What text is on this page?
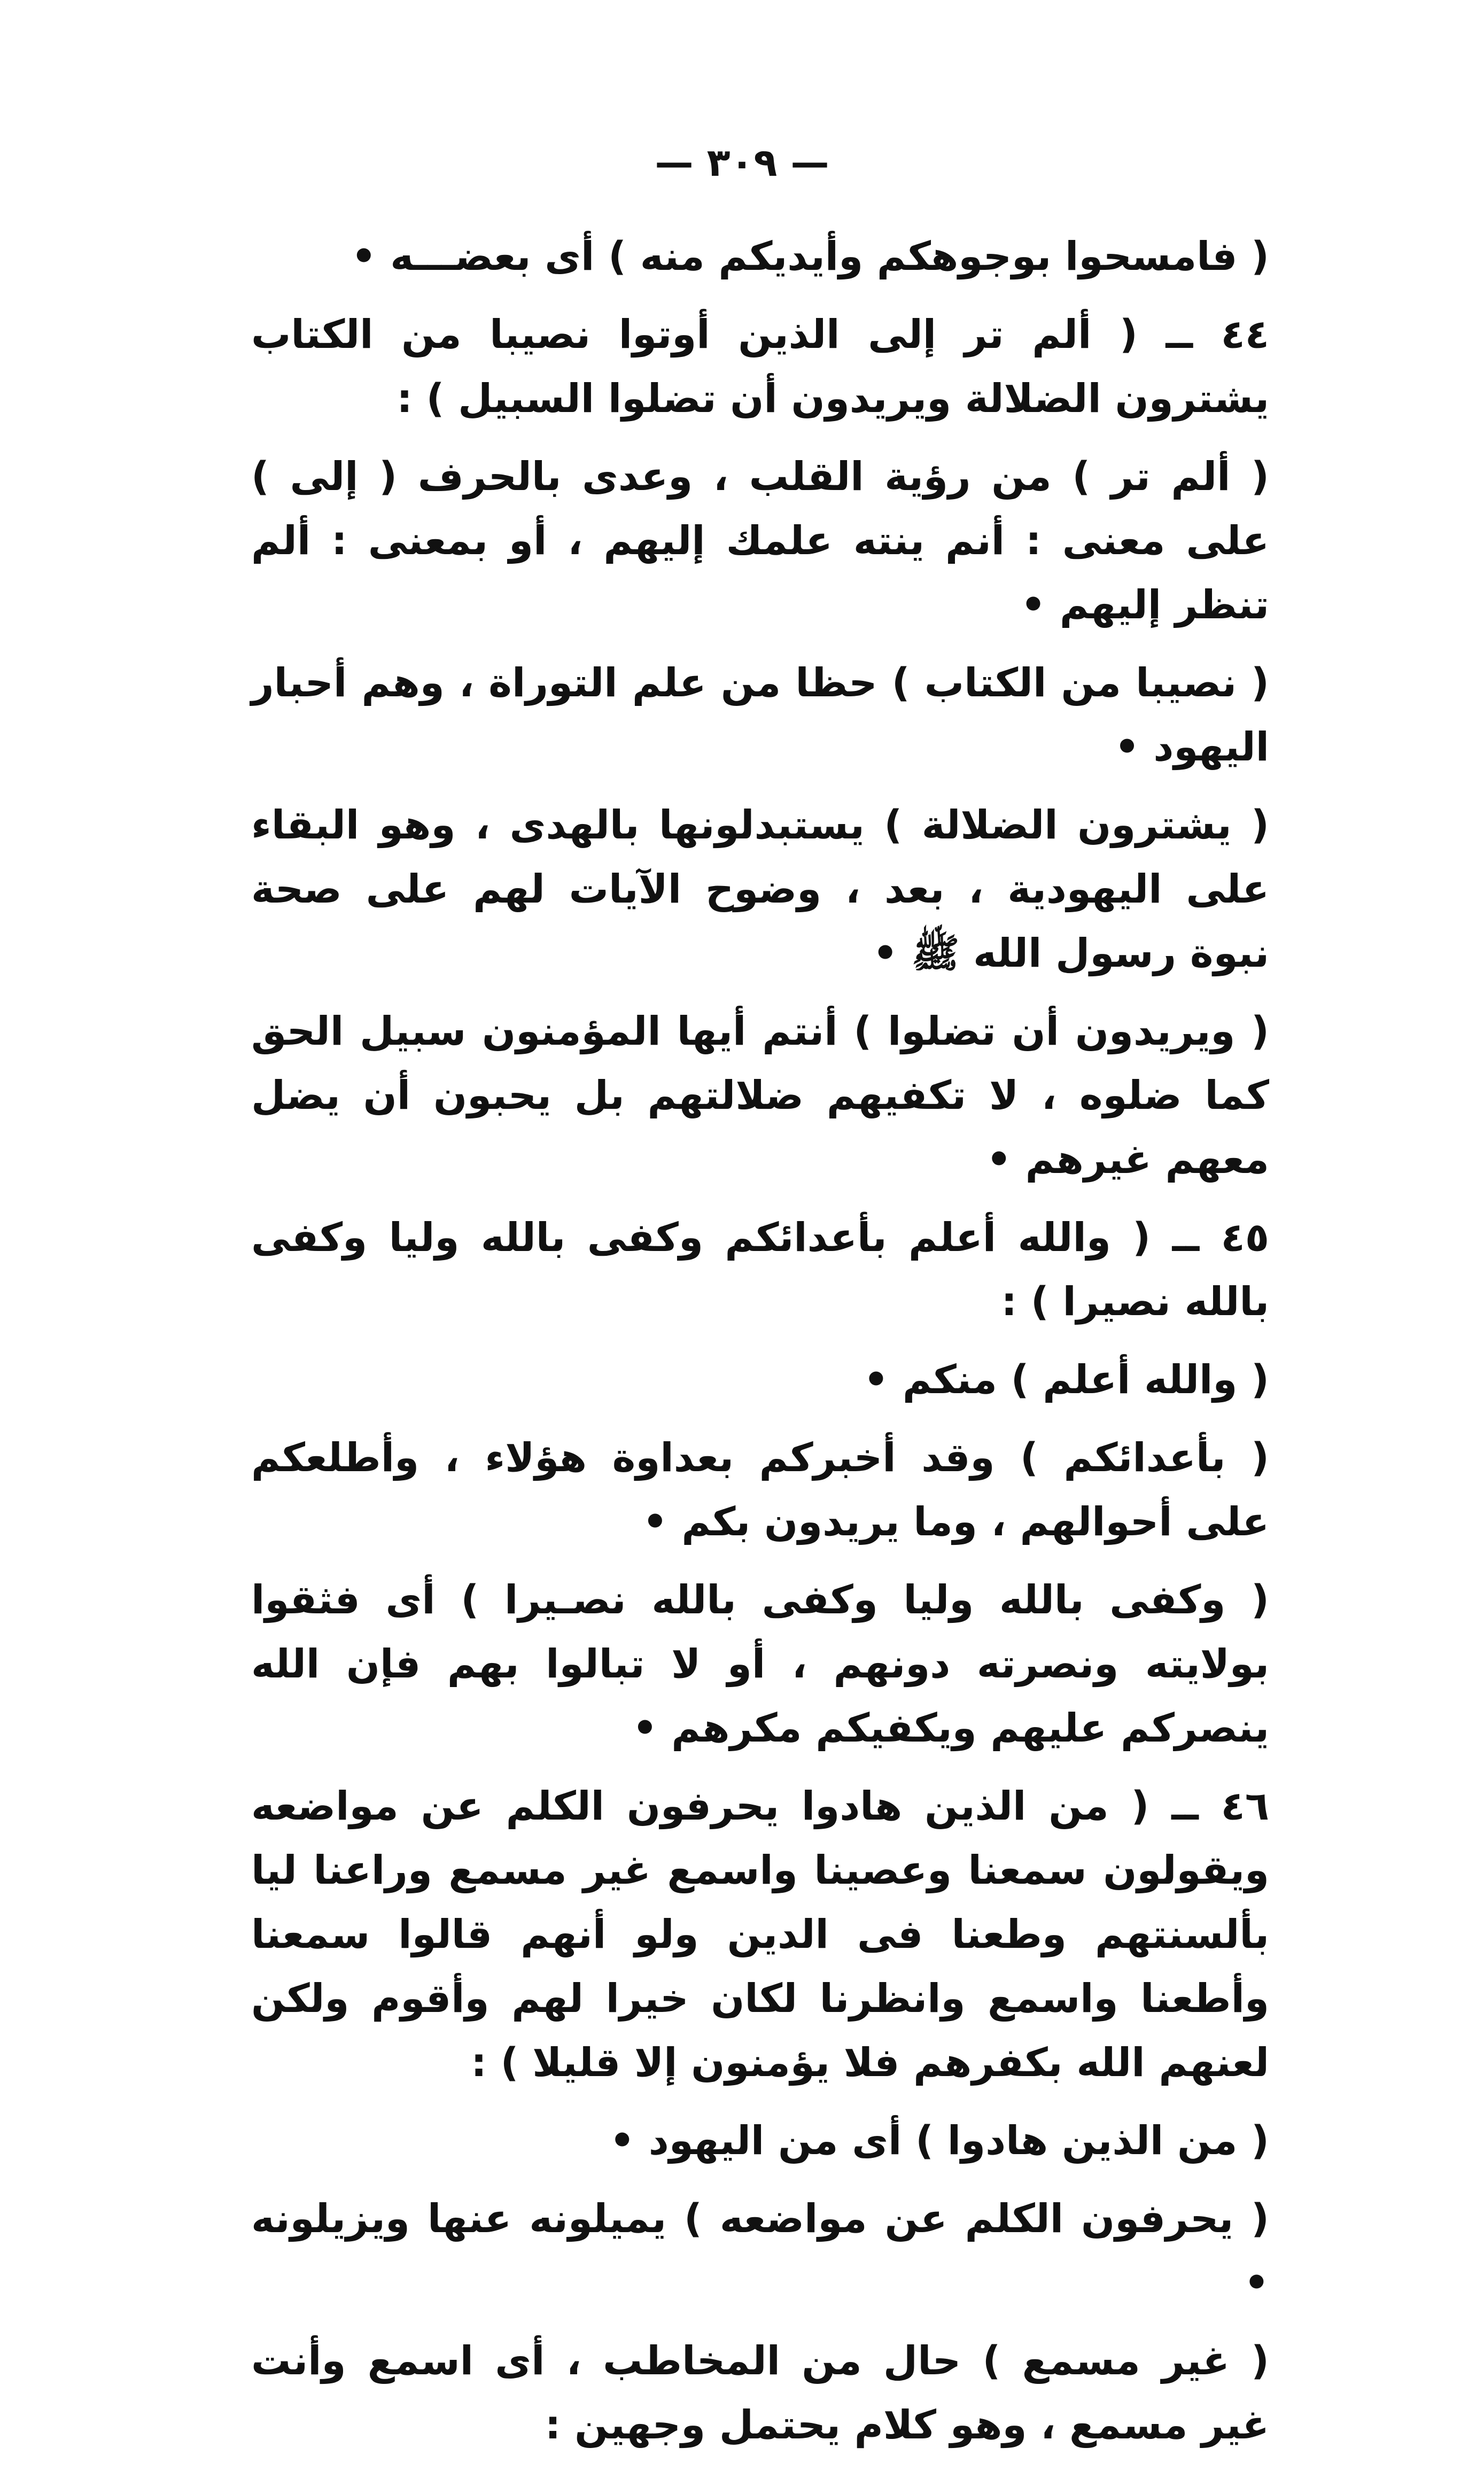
— ٣٠٩ —

( فامسحوا بوجوهكم وأيديكم منه ) أى بعضـــه •

٤٤ ــ ( ألم تر إلى الذين أوتوا نصيبا من الكتاب يشترون الضلالة ويريدون أن تضلوا السبيل ) :

( ألم تر ) من رؤية القلب ، وعدى بالحرف ( إلى ) على معنى : أنم ينته علمك إليهم ، أو بمعنى : ألم تنظر إليهم •

( نصيبا من الكتاب ) حظا من علم التوراة ، وهم أحبار اليهود •

( يشترون الضلالة ) يستبدلونها بالهدى ، وهو البقاء على اليهودية ، بعد ، وضوح الآيات لهم على صحة نبوة رسول الله ﷺ •

( ويريدون أن تضلوا ) أنتم أيها المؤمنون سبيل الحق كما ضلوه ، لا تكفيهم ضلالتهم بل يحبون أن يضل معهم غيرهم •

٤٥ ــ ( والله أعلم بأعدائكم وكفى بالله وليا وكفى بالله نصيرا ) :

( والله أعلم ) منكم •

( بأعدائكم ) وقد أخبركم بعداوة هؤلاء ، وأطلعكم على أحوالهم ، وما يريدون بكم •

( وكفى بالله وليا وكفى بالله نصـيرا ) أى فثقوا بولايته ونصرته دونهم ، أو لا تبالوا بهم فإن الله ينصركم عليهم ويكفيكم مكرهم •

٤٦ ــ ( من الذين هادوا يحرفون الكلم عن مواضعه ويقولون سمعنا وعصينا واسمع غير مسمع وراعنا ليا بألسنتهم وطعنا فى الدين ولو أنهم قالوا سمعنا وأطعنا واسمع وانظرنا لكان خيرا لهم وأقوم ولكن لعنهم الله بكفرهم فلا يؤمنون إلا قليلا ) :

( من الذين هادوا ) أى من اليهود •

( يحرفون الكلم عن مواضعه ) يميلونه عنها ويزيلونه •

( غير مسمع ) حال من المخاطب ، أى اسمع وأنت غير مسمع ، وهو كلام يحتمل وجهين :
